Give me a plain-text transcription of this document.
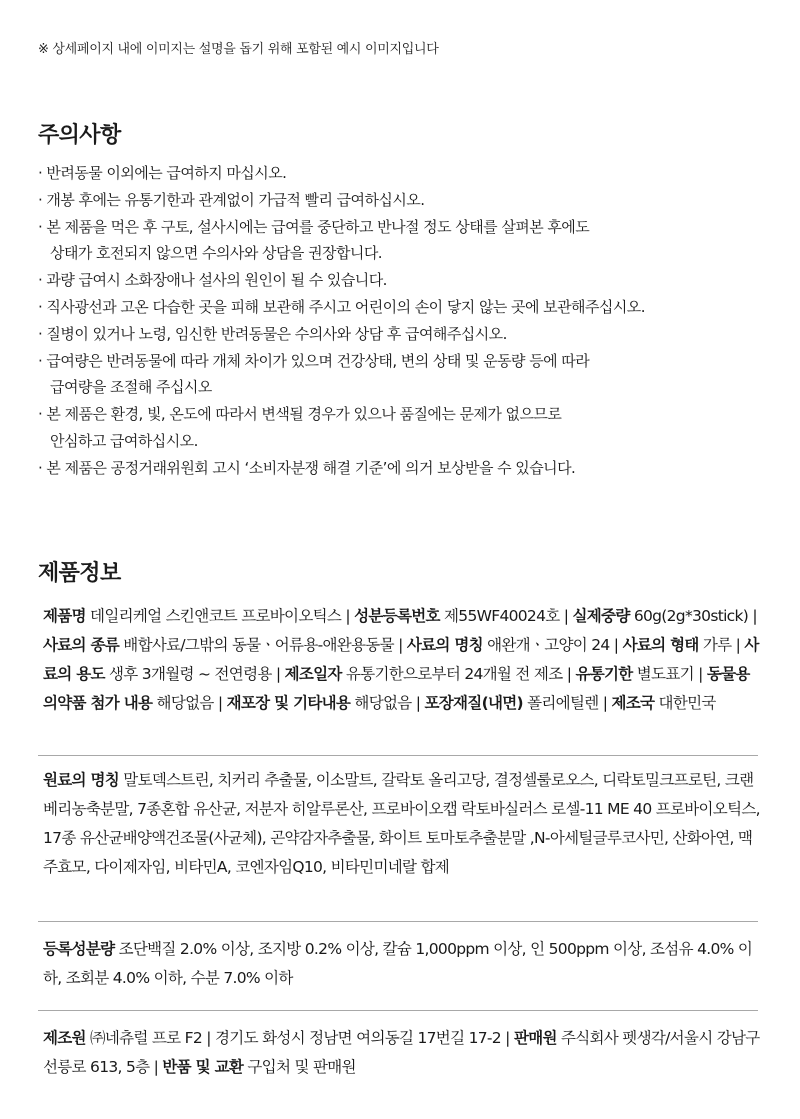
※ 상세페이지 내에 이미지는 설명을 돕기 위해 포함된 예시 이미지입니다
주의사항
· 반려동물 이외에는 급여하지 마십시오.
· 개봉 후에는 유통기한과 관계없이 가급적 빨리 급여하십시오.
· 본 제품을 먹은 후 구토, 설사시에는 급여를 중단하고 반나절 정도 상태를 살펴본 후에도
상태가 호전되지 않으면 수의사와 상담을 권장합니다.
· 과량 급여시 소화장애나 설사의 원인이 될 수 있습니다.
· 직사광선과 고온 다습한 곳을 피해 보관해 주시고 어린이의 손이 닿지 않는 곳에 보관해주십시오.
· 질병이 있거나 노령, 임신한 반려동물은 수의사와 상담 후 급여해주십시오.
· 급여량은 반려동물에 따라 개체 차이가 있으며 건강상태, 변의 상태 및 운동량 등에 따라
급여량을 조절해 주십시오
· 본 제품은 환경, 빛, 온도에 따라서 변색될 경우가 있으나 품질에는 문제가 없으므로
안심하고 급여하십시오.
· 본 제품은 공정거래위원회 고시 ‘소비자분쟁 해결 기준’에 의거 보상받을 수 있습니다.
제품정보

제품명 데일리케얼 스킨앤코트 프로바이오틱스 | 성분등록번호 제55WF40024호 | 실제중량 60g(2g*30stick) | 사료의 종류 배합사료/그밖의 동물ㆍ어류용-애완용동물 | 사료의 명칭 애완개ㆍ고양이 24 | 사료의 형태 가루 | 사료의 용도 생후 3개월령 ~ 전연령용 | 제조일자 유통기한으로부터 24개월 전 제조 | 유통기한 별도표기 | 동물용 의약품 첨가 내용 해당없음 | 재포장 및 기타내용 해당없음 | 포장재질(내면) 폴리에틸렌 | 제조국 대한민국

원료의 명칭 말토덱스트린, 치커리 추출물, 이소말트, 갈락토 올리고당, 결정셀룰로오스, 디락토밀크프로틴, 크랜베리농축분말, 7종혼합 유산균, 저분자 히알루론산, 프로바이오캡 락토바실러스 로셀-11 ME 40 프로바이오틱스, 17종 유산균배양액건조물(사균체), 곤약감자추출물, 화이트 토마토추출분말 ,N-아세틸글루코사민, 산화아연, 맥주효모, 다이제자임, 비타민A, 코엔자임Q10, 비타민미네랄 합제

등록성분량 조단백질 2.0% 이상, 조지방 0.2% 이상, 칼슘 1,000ppm 이상, 인 500ppm 이상, 조섬유 4.0% 이하, 조회분 4.0% 이하, 수분 7.0% 이하

제조원 ㈜네츄럴 프로 F2 | 경기도 화성시 정남면 여의동길 17번길 17-2 | 판매원 주식회사 펫생각/서울시 강남구 선릉로 613, 5층 | 반품 및 교환 구입처 및 판매원
